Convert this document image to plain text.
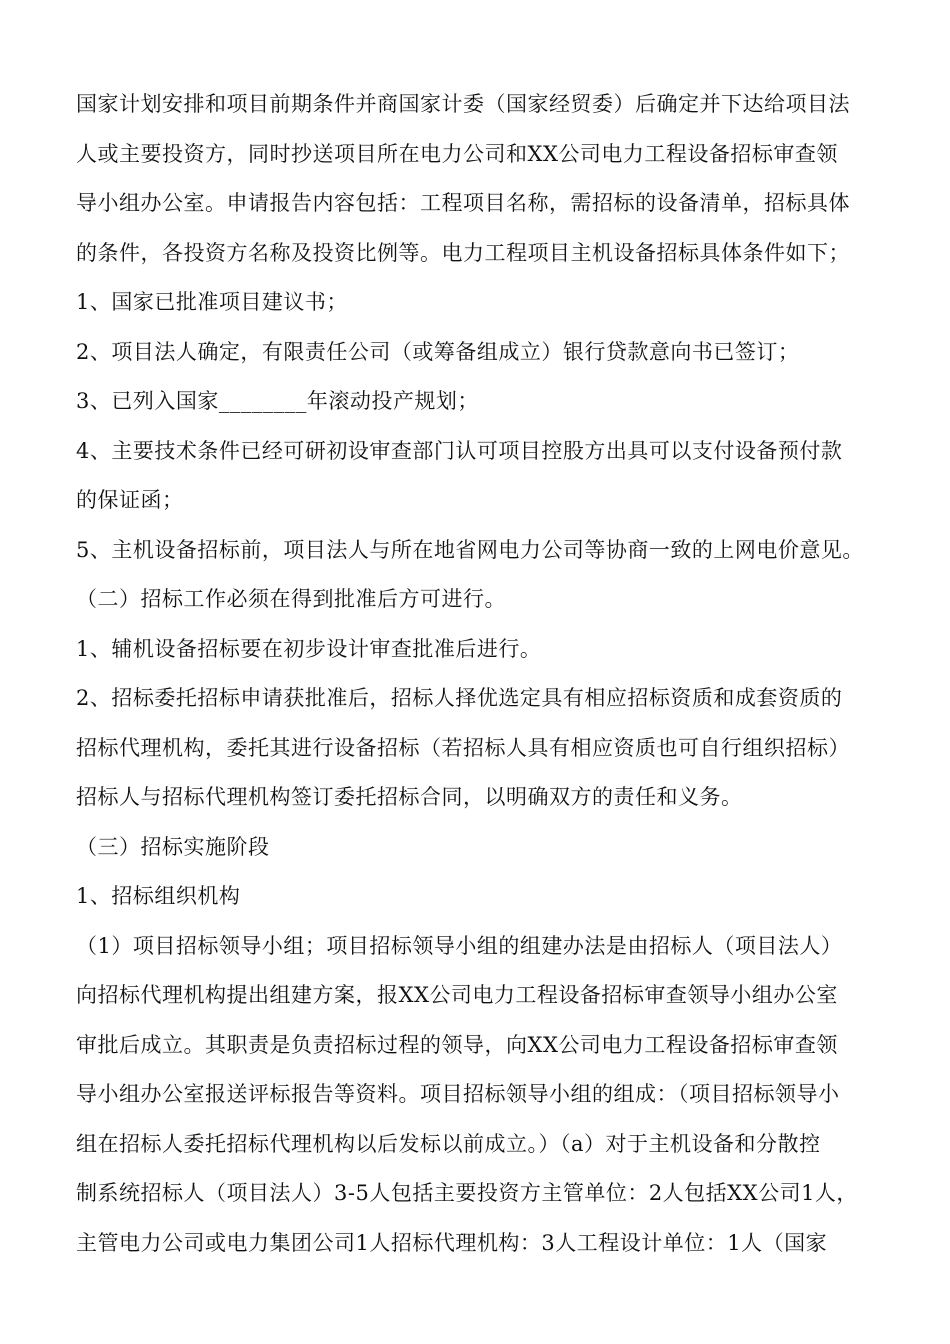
国家计划安排和项目前期条件并商国家计委（国家经贸委）后确定并下达给项目法
人或主要投资方，同时抄送项目所在电力公司和XX公司电力工程设备招标审查领
导小组办公室。申请报告内容包括：工程项目名称，需招标的设备清单，招标具体
的条件，各投资方名称及投资比例等。电力工程项目主机设备招标具体条件如下；
1、国家已批准项目建议书；
2、项目法人确定，有限责任公司（或筹备组成立）银行贷款意向书已签订；
3、已列入国家________年滚动投产规划；
4、主要技术条件已经可研初设审查部门认可项目控股方出具可以支付设备预付款
的保证函；
5、主机设备招标前，项目法人与所在地省网电力公司等协商一致的上网电价意见。
（二）招标工作必须在得到批准后方可进行。
1、辅机设备招标要在初步设计审查批准后进行。
2、招标委托招标申请获批准后，招标人择优选定具有相应招标资质和成套资质的
招标代理机构，委托其进行设备招标（若招标人具有相应资质也可自行组织招标）
招标人与招标代理机构签订委托招标合同，以明确双方的责任和义务。
（三）招标实施阶段
1、招标组织机构
（1）项目招标领导小组；项目招标领导小组的组建办法是由招标人（项目法人）
向招标代理机构提出组建方案，报XX公司电力工程设备招标审查领导小组办公室
审批后成立。其职责是负责招标过程的领导，向XX公司电力工程设备招标审查领
导小组办公室报送评标报告等资料。项目招标领导小组的组成：（项目招标领导小
组在招标人委托招标代理机构以后发标以前成立。）（a）对于主机设备和分散控
制系统招标人（项目法人）3-5人包括主要投资方主管单位：2人包括XX公司1人，
主管电力公司或电力集团公司1人招标代理机构：3人工程设计单位：1人（国家
